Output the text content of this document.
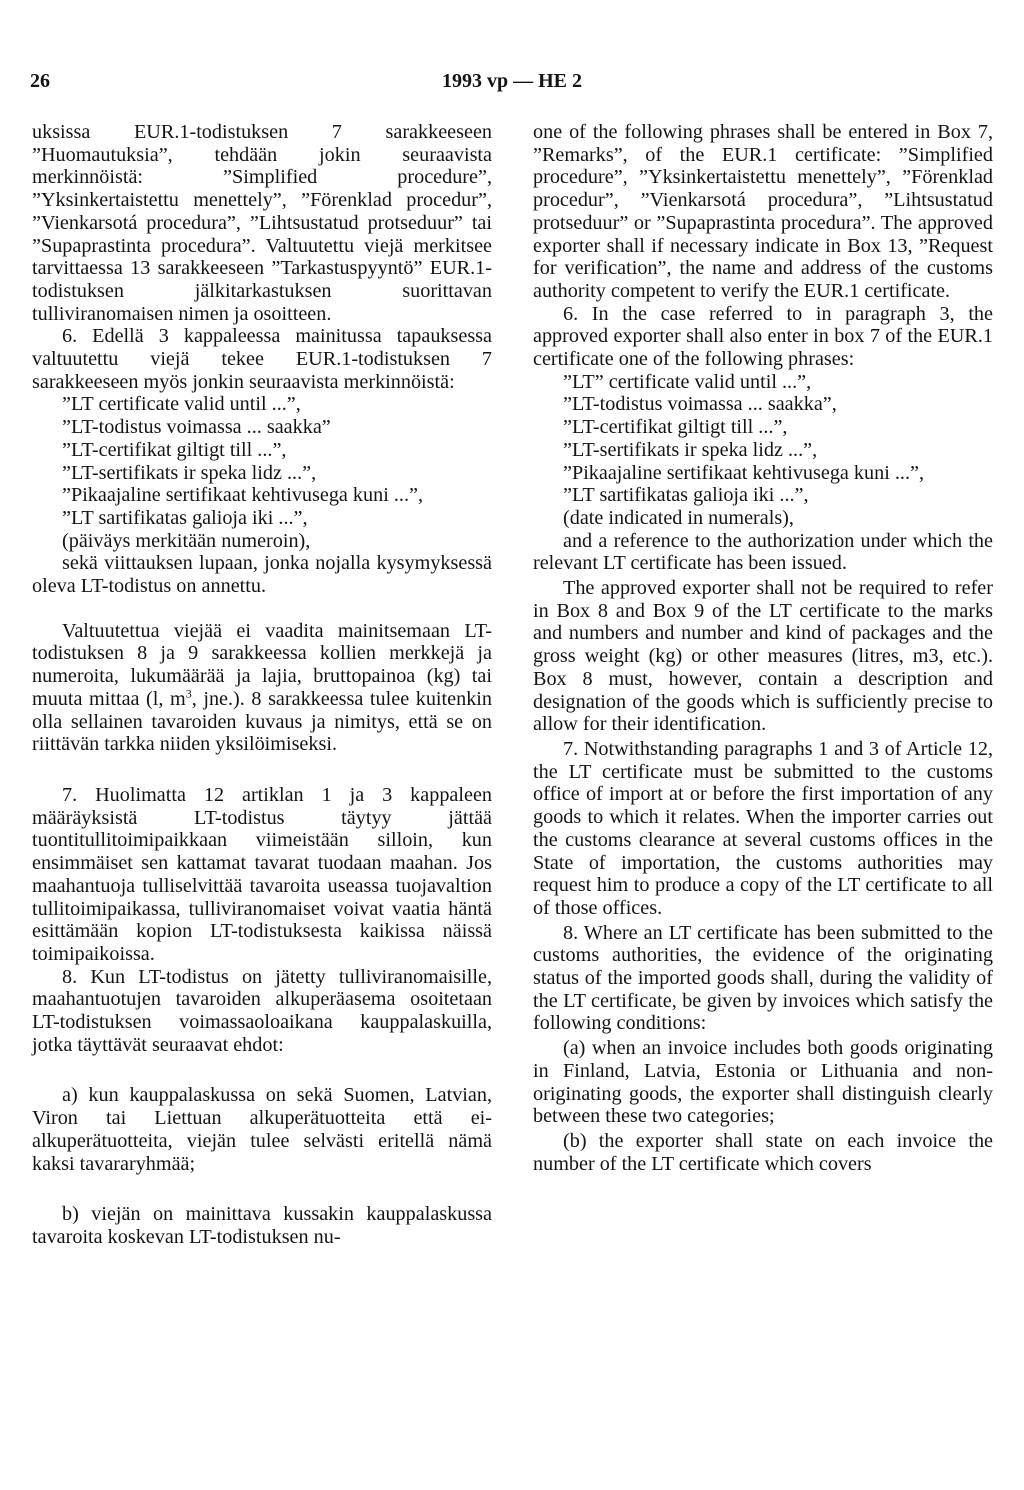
26	1993 vp — HE 2

uksissa EUR.1-todistuksen 7 sarakkeeseen ”Huomautuksia”, tehdään jokin seuraavista merkinnöistä: ”Simplified procedure”, ”Yksinkertaistettu menettely”, ”Förenklad procedur”, ”Vienkarsotá procedura”, ”Lihtsustatud protseduur” tai ”Supaprastinta procedura”. Valtuutettu viejä merkitsee tarvittaessa 13 sarakkeeseen ”Tarkastuspyyntö” EUR.1-todistuksen jälkitarkastuksen suorittavan tulliviranomaisen nimen ja osoitteen.

6. Edellä 3 kappaleessa mainitussa tapauksessa valtuutettu viejä tekee EUR.1-todistuksen 7 sarakkeeseen myös jonkin seuraavista merkinnöistä:

”LT certificate valid until ...”,

”LT-todistus voimassa ... saakka”

”LT-certifikat giltigt till ...”,

”LT-sertifikats ir speka lidz ...”,

”Pikaajaline sertifikaat kehtivusega kuni ...”,

”LT sartifikatas galioja iki ...”,

(päiväys merkitään numeroin),

sekä viittauksen lupaan, jonka nojalla kysymyksessä oleva LT-todistus on annettu.

Valtuutettua viejää ei vaadita mainitsemaan LT-todistuksen 8 ja 9 sarakkeessa kollien merkkejä ja numeroita, lukumäärää ja lajia, bruttopainoa (kg) tai muuta mittaa (l, $m^3$, jne.). 8 sarakkeessa tulee kuitenkin olla sellainen tavaroiden kuvaus ja nimitys, että se on riittävän tarkka niiden yksilöimiseksi.

7. Huolimatta 12 artiklan 1 ja 3 kappaleen määräyksistä LT-todistus täytyy jättää tuontitullitoimipaikkaan viimeistään silloin, kun ensimmäiset sen kattamat tavarat tuodaan maahan. Jos maahantuoja tulliselvittää tavaroita useassa tuojavaltion tullitoimipaikassa, tulliviranomaiset voivat vaatia häntä esittämään kopion LT-todistuksesta kaikissa näissä toimipaikoissa.

8. Kun LT-todistus on jätetty tulliviranomaisille, maahantuotujen tavaroiden alkuperäasema osoitetaan LT-todistuksen voimassaoloaikana kauppalaskuilla, jotka täyttävät seuraavat ehdot:

a) kun kauppalaskussa on sekä Suomen, Latvian, Viron tai Liettuan alkuperätuotteita että ei-alkuperätuotteita, viejän tulee selvästi eritellä nämä kaksi tavararyhmää;

b) viejän on mainittava kussakin kauppalaskussa tavaroita koskevan LT-todistuksen nu-

one of the following phrases shall be entered in Box 7, ”Remarks”, of the EUR.1 certificate: ”Simplified procedure”, ”Yksinkertaistettu menettely”, ”Förenklad procedur”, ”Vienkarsotá procedura”, ”Lihtsustatud protseduur” or ”Supaprastinta procedura”. The approved exporter shall if necessary indicate in Box 13, ”Request for verification”, the name and address of the customs authority competent to verify the EUR.1 certificate.

6. In the case referred to in paragraph 3, the approved exporter shall also enter in box 7 of the EUR.1 certificate one of the following phrases:

”LT” certificate valid until ...”,

”LT-todistus voimassa ... saakka”,

”LT-certifikat giltigt till ...”,

”LT-sertifikats ir speka lidz ...”,

”Pikaajaline sertifikaat kehtivusega kuni ...”,

”LT sartifikatas galioja iki ...”,

(date indicated in numerals),

and a reference to the authorization under which the relevant LT certificate has been issued.

The approved exporter shall not be required to refer in Box 8 and Box 9 of the LT certificate to the marks and numbers and number and kind of packages and the gross weight (kg) or other measures (litres, m3, etc.). Box 8 must, however, contain a description and designation of the goods which is sufficiently precise to allow for their identification.

7. Notwithstanding paragraphs 1 and 3 of Article 12, the LT certificate must be submitted to the customs office of import at or before the first importation of any goods to which it relates. When the importer carries out the customs clearance at several customs offices in the State of importation, the customs authorities may request him to produce a copy of the LT certificate to all of those offices.

8. Where an LT certificate has been submitted to the customs authorities, the evidence of the originating status of the imported goods shall, during the validity of the LT certificate, be given by invoices which satisfy the following conditions:

(a) when an invoice includes both goods originating in Finland, Latvia, Estonia or Lithuania and non-originating goods, the exporter shall distinguish clearly between these two categories;

(b) the exporter shall state on each invoice the number of the LT certificate which covers
